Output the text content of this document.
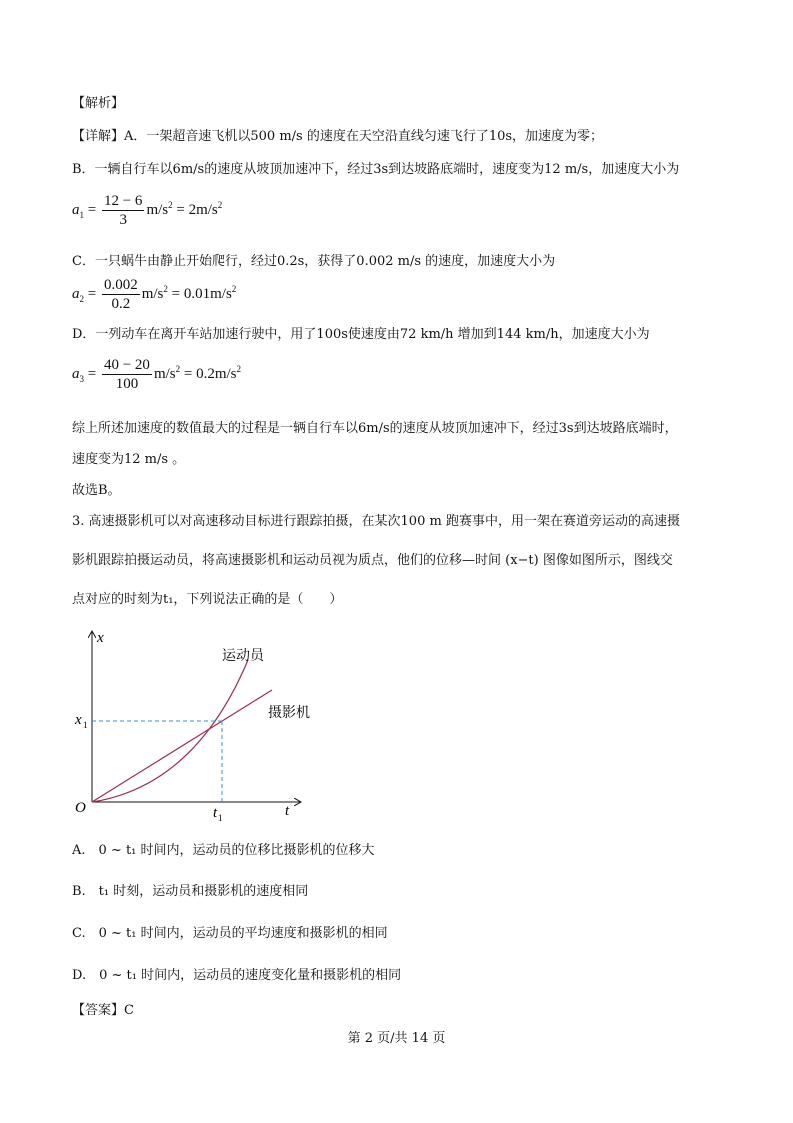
【解析】
【详解】A．一架超音速飞机以500 m/s 的速度在天空沿直线匀速飞行了10s，加速度为零；
B．一辆自行车以6m/s的速度从坡顶加速冲下，经过3s到达坡路底端时，速度变为12 m/s，加速度大小为
$a_1 = \frac{12 - 6}{3} m/s^2 = 2m/s^2$
C．一只蜗牛由静止开始爬行，经过0.2s，获得了0.002 m/s 的速度，加速度大小为
$a_2 = \frac{0.002}{0.2} m/s^2 = 0.01m/s^2$
D．一列动车在离开车站加速行驶中，用了100s使速度由72 km/h 增加到144 km/h，加速度大小为
$a_3 = \frac{40 - 20}{100} m/s^2 = 0.2m/s^2$
综上所述加速度的数值最大的过程是一辆自行车以6m/s的速度从坡顶加速冲下，经过3s到达坡路底端时，
速度变为12 m/s 。
故选B。
3. 高速摄影机可以对高速移动目标进行跟踪拍摄，在某次100 m 跑赛事中，用一架在赛道旁运动的高速摄
影机跟踪拍摄运动员，将高速摄影机和运动员视为质点，他们的位移—时间 (x−t) 图像如图所示，图线交
点对应的时刻为t₁，下列说法正确的是（　　）
x
t
O
x 1
t 1
运动员
摄影机
A.　0 ~ t₁ 时间内，运动员的位移比摄影机的位移大
B.　t₁ 时刻，运动员和摄影机的速度相同
C.　0 ~ t₁ 时间内，运动员的平均速度和摄影机的相同
D.　0 ~ t₁ 时间内，运动员的速度变化量和摄影机的相同
【答案】C
第 2 页/共 14 页
